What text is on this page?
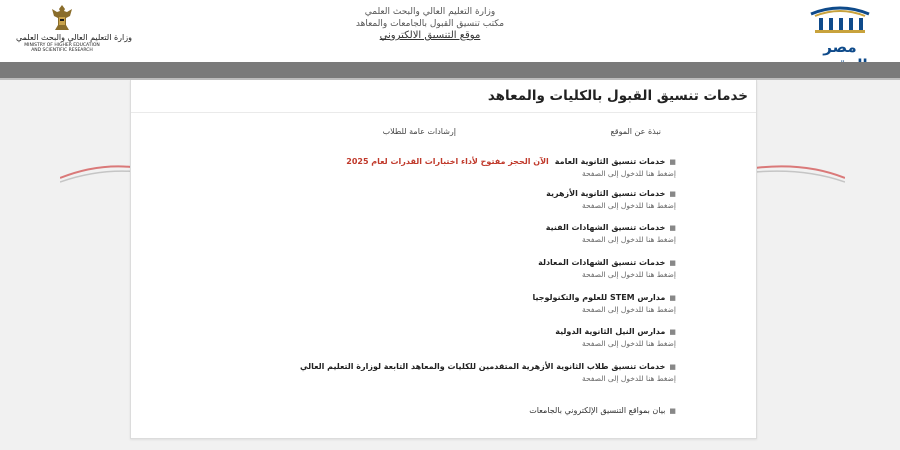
وزارة التعليم العالي والبحث العلمي
MINISTRY OF HIGHER EDUCATION
AND SCIENTIFIC RESEARCH
وزارة التعليم العالي والبحث العلمي
مكتب تنسيق القبول بالجامعات والمعاهد
موقع التنسيق الالكتروني
مصر
خدمات تنسيق القبول بالكليات والمعاهد
نبذة عن الموقع
إرشادات عامة للطلاب
■خدمات تنسيق الثانوية العامةالآن الحجز مفتوح لأداء اختبارات القدرات لعام 2025
إضغط هنا للدخول إلى الصفحة
■خدمات تنسيق الثانوية الأزهرية
إضغط هنا للدخول إلى الصفحة
■خدمات تنسيق الشهادات الفنية
إضغط هنا للدخول إلى الصفحة
■خدمات تنسيق الشهادات المعادلة
إضغط هنا للدخول إلى الصفحة
■مدارس STEM للعلوم والتكنولوجيا
إضغط هنا للدخول إلى الصفحة
■مدارس النيل الثانوية الدولية
إضغط هنا للدخول إلى الصفحة
■خدمات تنسيق طلاب الثانوية الأزهرية المتقدمين للكليات والمعاهد التابعة لوزارة التعليم العالي
إضغط هنا للدخول إلى الصفحة
■بيان بمواقع التنسيق الإلكتروني بالجامعات
